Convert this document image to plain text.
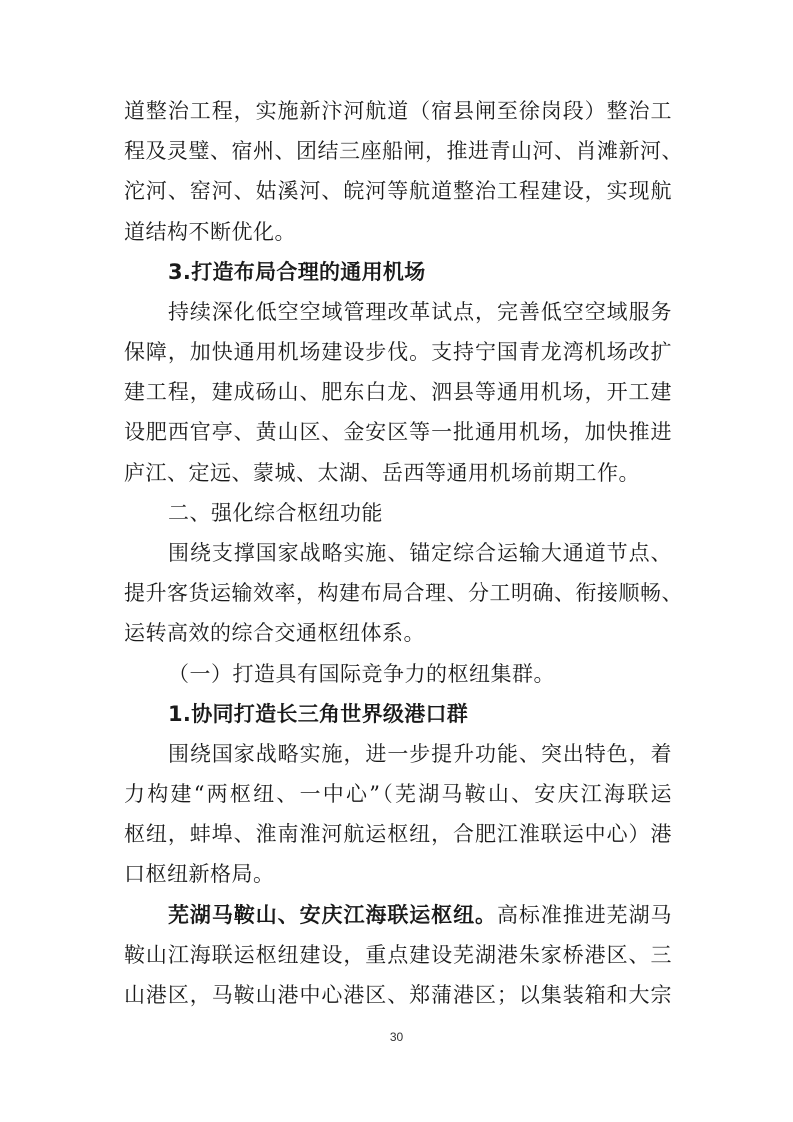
道整治工程，实施新汴河航道（宿县闸至徐岗段）整治工
程及灵璧、宿州、团结三座船闸，推进青山河、肖滩新河、
沱河、窑河、姑溪河、皖河等航道整治工程建设，实现航
道结构不断优化。
3.打造布局合理的通用机场
持续深化低空空域管理改革试点，完善低空空域服务
保障，加快通用机场建设步伐。支持宁国青龙湾机场改扩
建工程，建成砀山、肥东白龙、泗县等通用机场，开工建
设肥西官亭、黄山区、金安区等一批通用机场，加快推进
庐江、定远、蒙城、太湖、岳西等通用机场前期工作。
二、强化综合枢纽功能
围绕支撑国家战略实施、锚定综合运输大通道节点、
提升客货运输效率，构建布局合理、分工明确、衔接顺畅、
运转高效的综合交通枢纽体系。
（一）打造具有国际竞争力的枢纽集群。
1.协同打造长三角世界级港口群
围绕国家战略实施，进一步提升功能、突出特色，着
力构建“两枢纽、一中心”（芜湖马鞍山、安庆江海联运
枢纽，蚌埠、淮南淮河航运枢纽，合肥江淮联运中心）港
口枢纽新格局。
芜湖马鞍山、安庆江海联运枢纽。高标准推进芜湖马
鞍山江海联运枢纽建设，重点建设芜湖港朱家桥港区、三
山港区，马鞍山港中心港区、郑蒲港区；以集装箱和大宗
30
